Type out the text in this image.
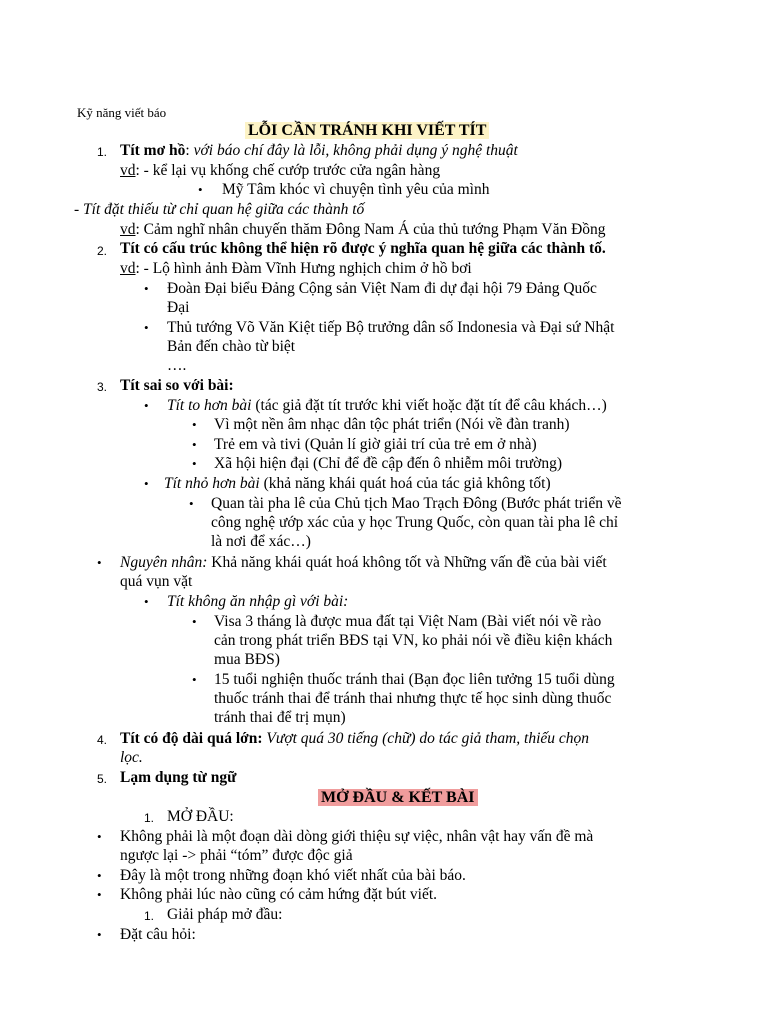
Kỹ năng viết báo
LỖI CẦN TRÁNH KHI VIẾT TÍT
1. Tít mơ hồ: với báo chí đây là lỗi, không phải dụng ý nghệ thuật
vd: - kể lại vụ khống chế cướp trước cửa ngân hàng
• Mỹ Tâm khóc vì chuyện tình yêu của mình
- Tít đặt thiếu từ chỉ quan hệ giữa các thành tố
vd: Cảm nghĩ nhân chuyến thăm Đông Nam Á của thủ tướng Phạm Văn Đồng
2. Tít có cấu trúc không thể hiện rõ được ý nghĩa quan hệ giữa các thành tố.
vd: - Lộ hình ảnh Đàm Vĩnh Hưng nghịch chim ở hồ bơi
• Đoàn Đại biểu Đảng Cộng sản Việt Nam đi dự đại hội 79 Đảng Quốc
Đại
• Thủ tướng Võ Văn Kiệt tiếp Bộ trưởng dân số Indonesia và Đại sứ Nhật
Bản đến chào từ biệt
….
3. Tít sai so với bài:
• Tít to hơn bài (tác giả đặt tít trước khi viết hoặc đặt tít để câu khách…)
• Vì một nền âm nhạc dân tộc phát triển (Nói về đàn tranh)
• Trẻ em và tivi (Quản lí giờ giải trí của trẻ em ở nhà)
• Xã hội hiện đại (Chỉ để đề cập đến ô nhiễm môi trường)
• Tít nhỏ hơn bài (khả năng khái quát hoá của tác giả không tốt)
• Quan tài pha lê của Chủ tịch Mao Trạch Đông (Bước phát triển về
công nghệ ướp xác của y học Trung Quốc, còn quan tài pha lê chỉ
là nơi để xác…)
• Nguyên nhân: Khả năng khái quát hoá không tốt và Những vấn đề của bài viết
quá vụn vặt
• Tít không ăn nhập gì với bài:
• Visa 3 tháng là được mua đất tại Việt Nam (Bài viết nói về rào
cản trong phát triển BĐS tại VN, ko phải nói về điều kiện khách
mua BĐS)
• 15 tuổi nghiện thuốc tránh thai (Bạn đọc liên tưởng 15 tuổi dùng
thuốc tránh thai để tránh thai nhưng thực tế học sinh dùng thuốc
tránh thai để trị mụn)
4. Tít có độ dài quá lớn: Vượt quá 30 tiếng (chữ) do tác giả tham, thiếu chọn
lọc.
5. Lạm dụng từ ngữ
MỞ ĐẦU & KẾT BÀI
1. MỞ ĐẦU:
• Không phải là một đoạn dài dòng giới thiệu sự việc, nhân vật hay vấn đề mà
ngược lại -> phải “tóm” được độc giả
• Đây là một trong những đoạn khó viết nhất của bài báo.
• Không phải lúc nào cũng có cảm hứng đặt bút viết.
1. Giải pháp mở đầu:
• Đặt câu hỏi:
